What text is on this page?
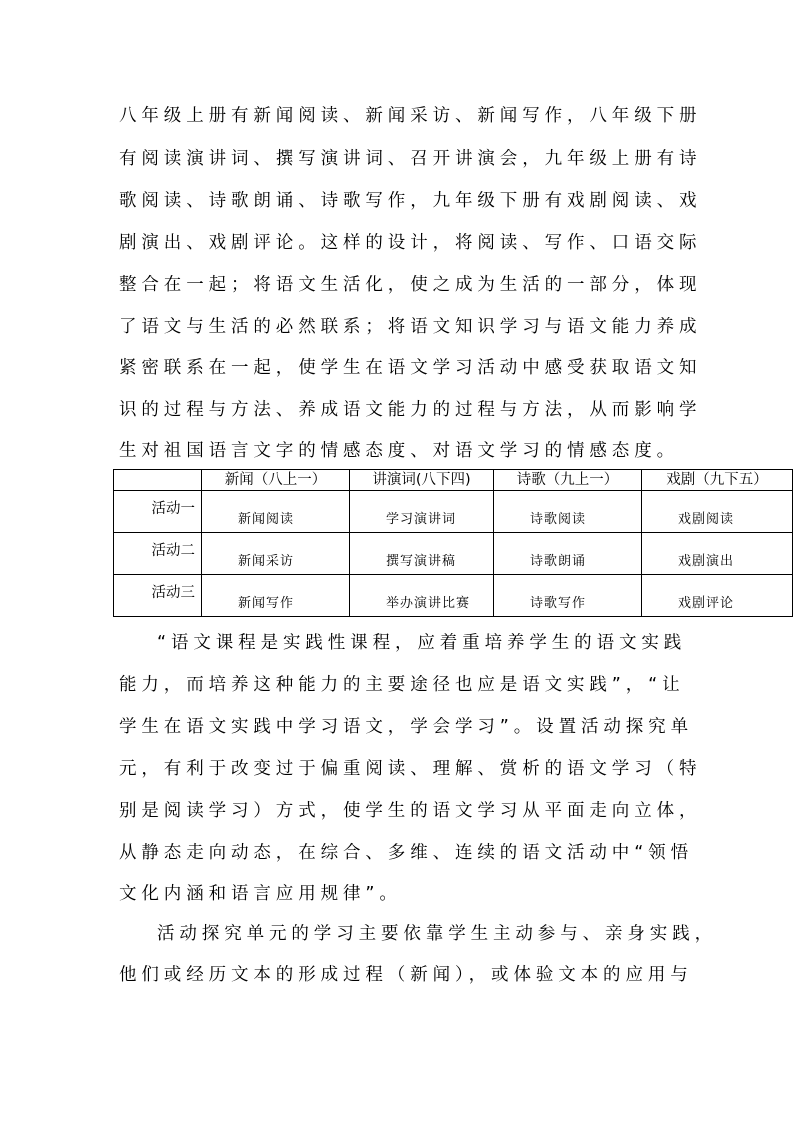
八年级上册有新闻阅读、新闻采访、新闻写作，八年级下册
有阅读演讲词、撰写演讲词、召开讲演会，九年级上册有诗
歌阅读、诗歌朗诵、诗歌写作，九年级下册有戏剧阅读、戏
剧演出、戏剧评论。这样的设计，将阅读、写作、口语交际
整合在一起；将语文生活化，使之成为生活的一部分，体现
了语文与生活的必然联系；将语文知识学习与语文能力养成
紧密联系在一起，使学生在语文学习活动中感受获取语文知
识的过程与方法、养成语文能力的过程与方法，从而影响学
生对祖国语言文字的情感态度、对语文学习的情感态度。
	新闻（八上一）	讲演词(八下四)	诗歌（九上一）	戏剧（九下五）

活动一	新闻阅读	学习演讲词	诗歌阅读	戏剧阅读

活动二	新闻采访	撰写演讲稿	诗歌朗诵	戏剧演出

活动三	新闻写作	举办演讲比赛	诗歌写作	戏剧评论
“语文课程是实践性课程，应着重培养学生的语文实践
能力，而培养这种能力的主要途径也应是语文实践”，“让
学生在语文实践中学习语文，学会学习”。设置活动探究单
元，有利于改变过于偏重阅读、理解、赏析的语文学习（特
别是阅读学习）方式，使学生的语文学习从平面走向立体，
从静态走向动态，在综合、多维、连续的语文活动中“领悟
文化内涵和语言应用规律”。
活动探究单元的学习主要依靠学生主动参与、亲身实践，
他们或经历文本的形成过程（新闻），或体验文本的应用与
